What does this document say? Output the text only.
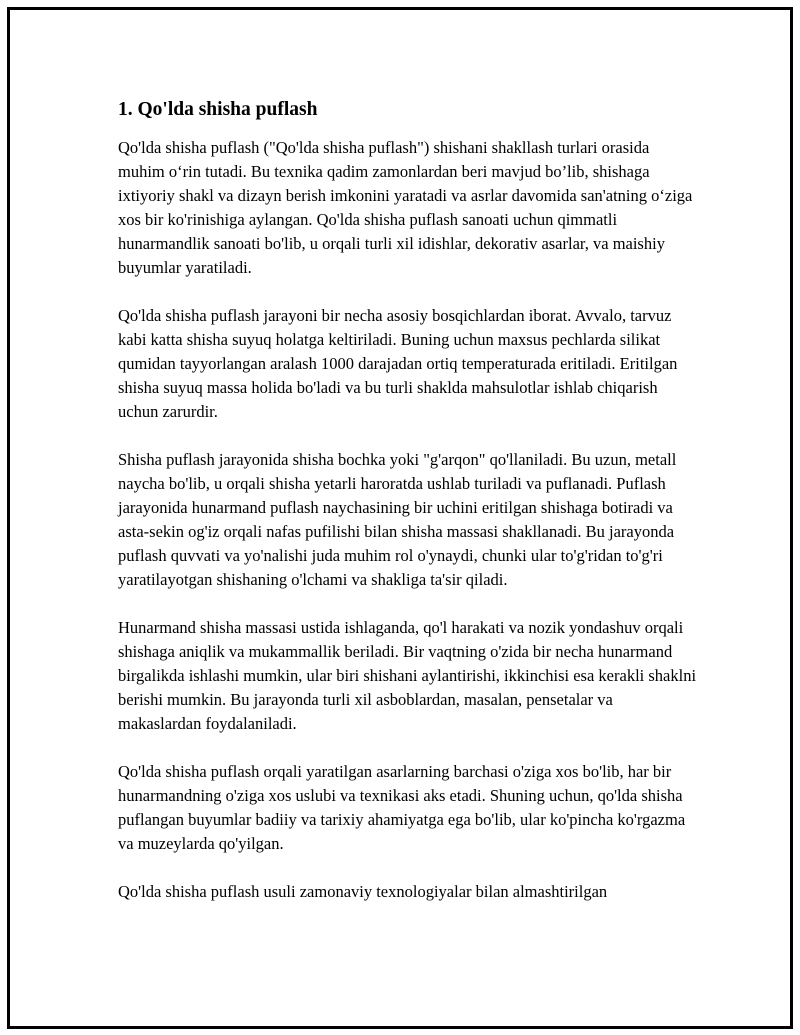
1. Qo'lda shisha puflash

Qo'lda shisha puflash ("Qo'lda shisha puflash") shishani shakllash turlari orasida muhim o‘rin tutadi. Bu texnika qadim zamonlardan beri mavjud bo’lib, shishaga ixtiyoriy shakl va dizayn berish imkonini yaratadi va asrlar davomida san'atning o‘ziga xos bir ko'rinishiga aylangan. Qo'lda shisha puflash sanoati uchun qimmatli hunarmandlik sanoati bo'lib, u orqali turli xil idishlar, dekorativ asarlar, va maishiy buyumlar yaratiladi.

Qo'lda shisha puflash jarayoni bir necha asosiy bosqichlardan iborat. Avvalo, tarvuz kabi katta shisha suyuq holatga keltiriladi. Buning uchun maxsus pechlarda silikat qumidan tayyorlangan aralash 1000 darajadan ortiq temperaturada eritiladi. Eritilgan shisha suyuq massa holida bo'ladi va bu turli shaklda mahsulotlar ishlab chiqarish uchun zarurdir.

Shisha puflash jarayonida shisha bochka yoki "g'arqon" qo'llaniladi. Bu uzun, metall naycha bo'lib, u orqali shisha yetarli haroratda ushlab turiladi va puflanadi. Puflash jarayonida hunarmand puflash naychasining bir uchini eritilgan shishaga botiradi va asta-sekin og'iz orqali nafas pufilishi bilan shisha massasi shakllanadi. Bu jarayonda puflash quvvati va yo'nalishi juda muhim rol o'ynaydi, chunki ular to'g'ridan to'g'ri yaratilayotgan shishaning o'lchami va shakliga ta'sir qiladi.

Hunarmand shisha massasi ustida ishlaganda, qo'l harakati va nozik yondashuv orqali shishaga aniqlik va mukammallik beriladi. Bir vaqtning o'zida bir necha hunarmand birgalikda ishlashi mumkin, ular biri shishani aylantirishi, ikkinchisi esa kerakli shaklni berishi mumkin. Bu jarayonda turli xil asboblardan, masalan, pensetalar va makaslardan foydalaniladi.

Qo'lda shisha puflash orqali yaratilgan asarlarning barchasi o'ziga xos bo'lib, har bir hunarmandning o'ziga xos uslubi va texnikasi aks etadi. Shuning uchun, qo'lda shisha puflangan buyumlar badiiy va tarixiy ahamiyatga ega bo'lib, ular ko'pincha ko'rgazma va muzeylarda qo'yilgan.

Qo'lda shisha puflash usuli zamonaviy texnologiyalar bilan almashtirilgan
